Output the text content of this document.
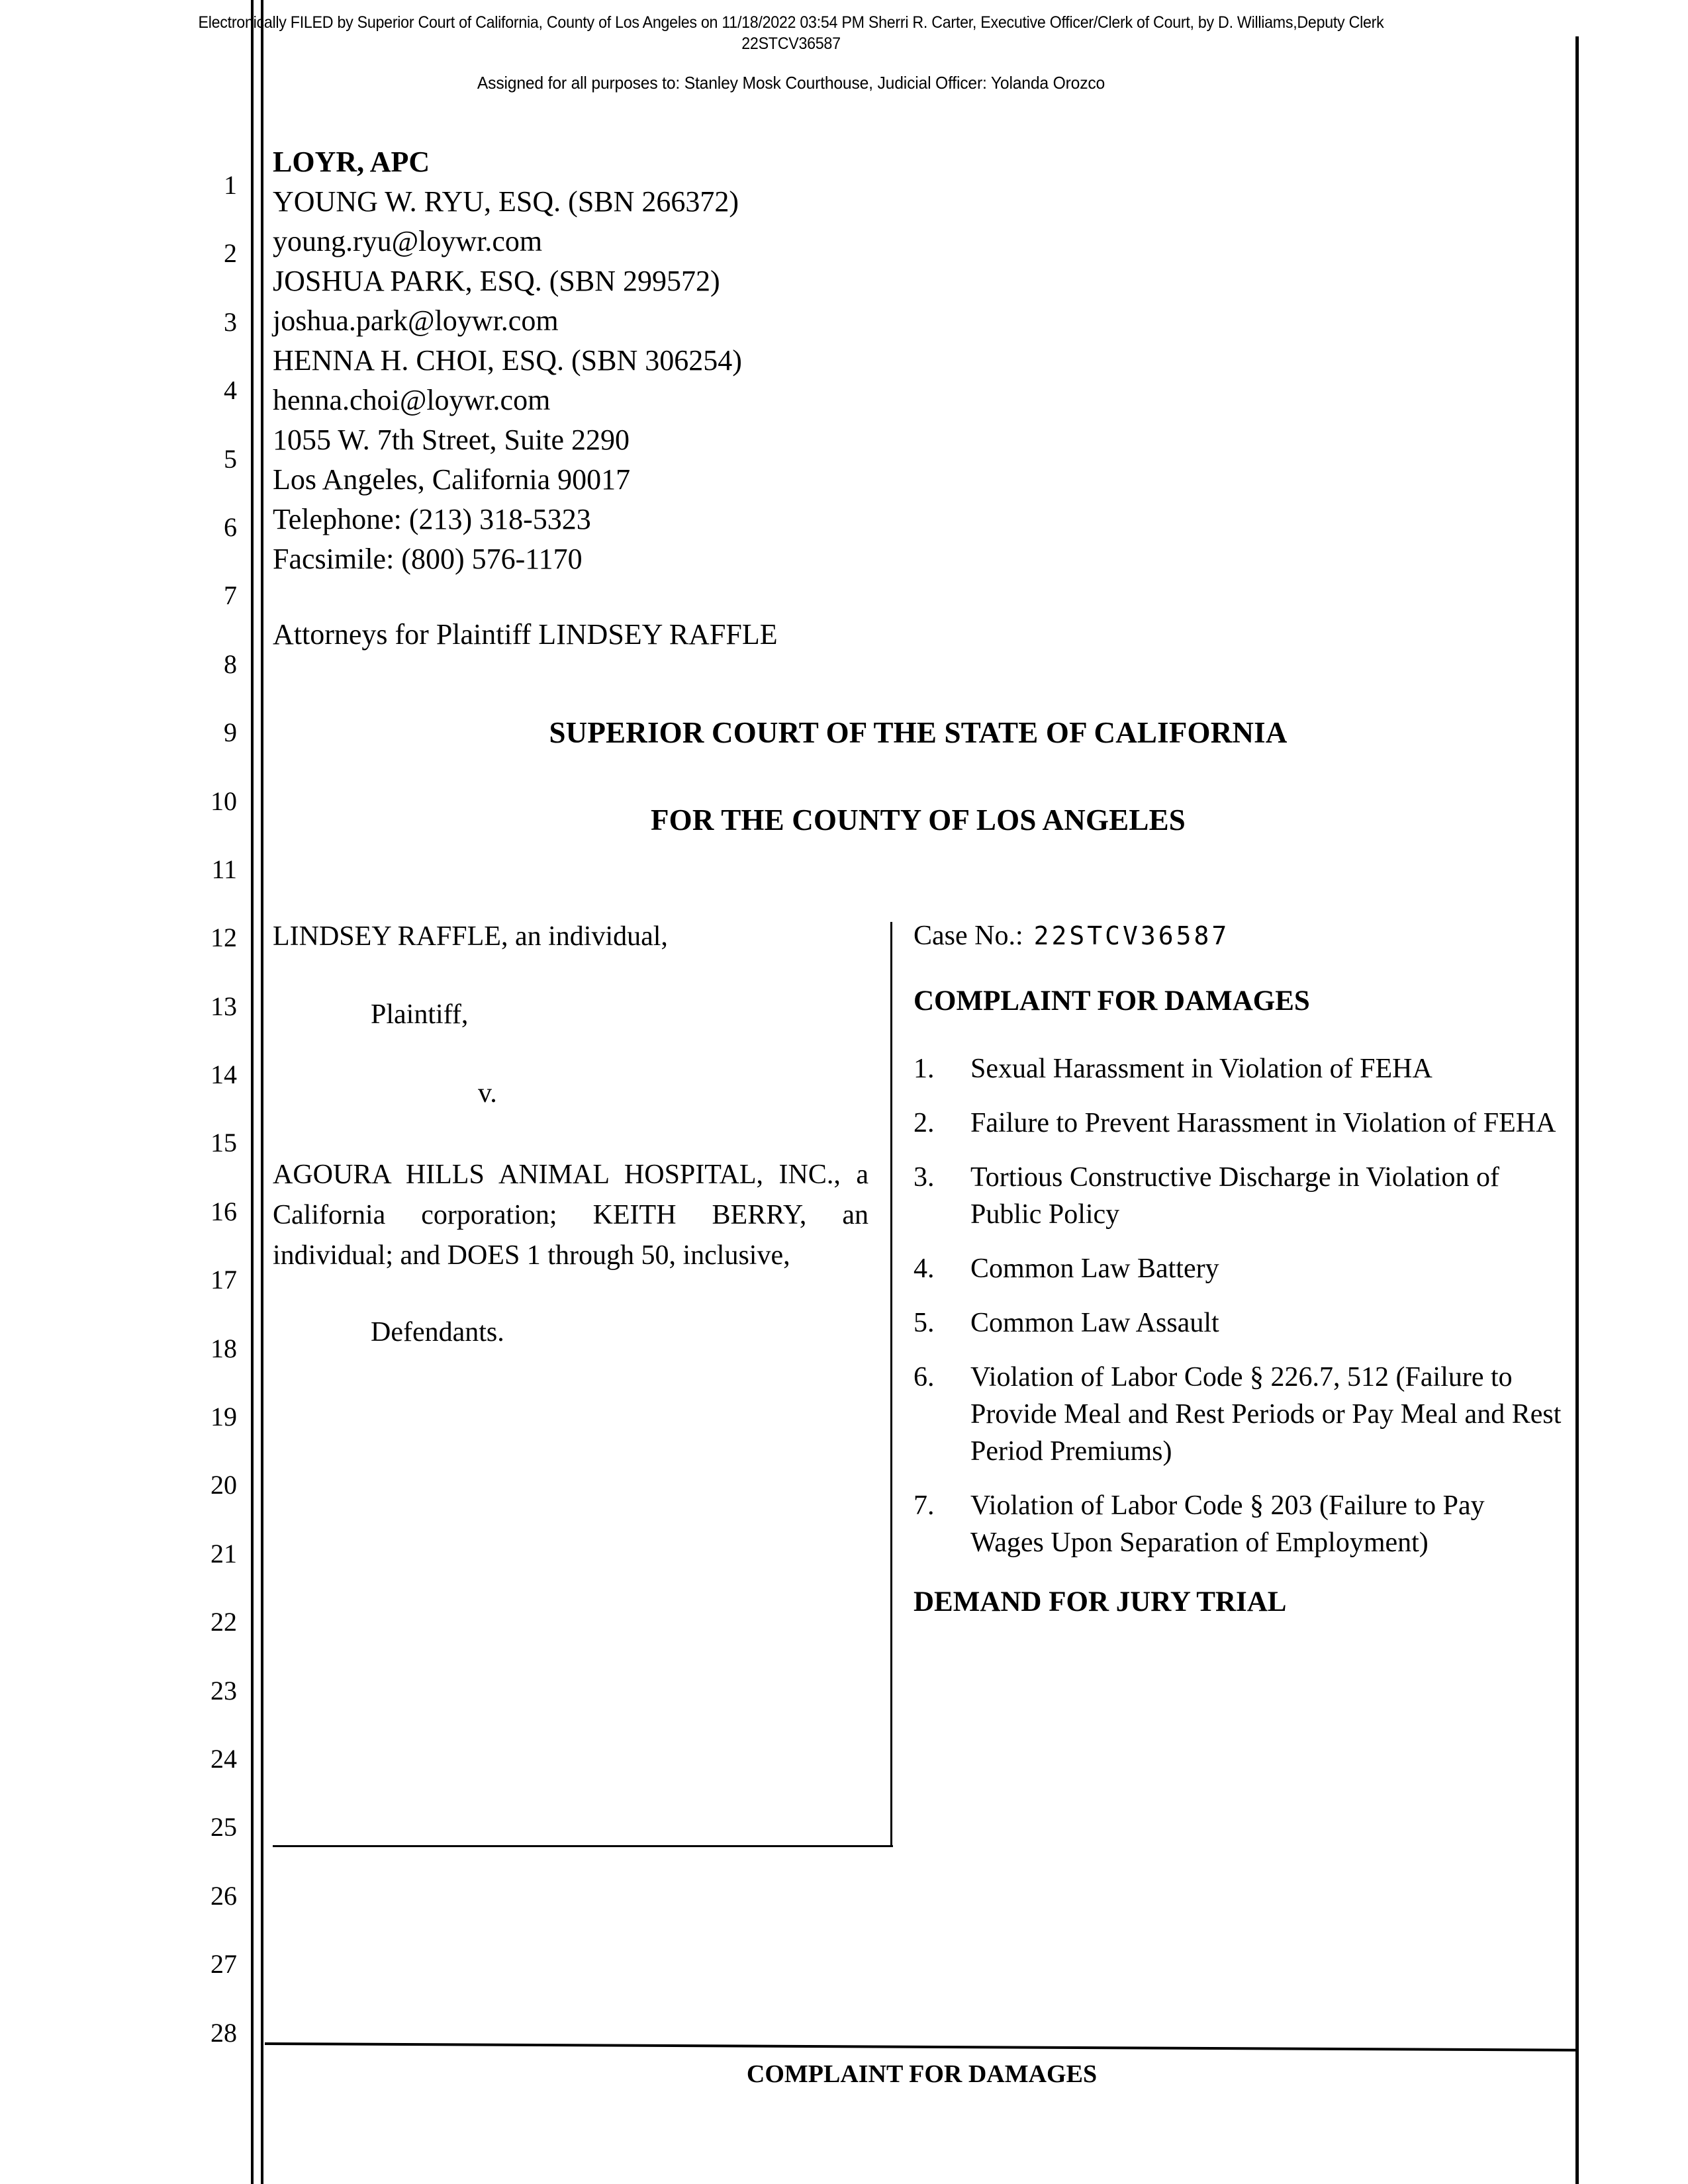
Electronically FILED by Superior Court of California, County of Los Angeles on 11/18/2022 03:54 PM Sherri R. Carter, Executive Officer/Clerk of Court, by D. Williams,Deputy Clerk
22STCV36587
Assigned for all purposes to: Stanley Mosk Courthouse, Judicial Officer: Yolanda Orozco
1
2
3
4
5
6
7
8
9
10
11
12
13
14
15
16
17
18
19
20
21
22
23
24
25
26
27
28
LOYR, APC
YOUNG W. RYU, ESQ. (SBN 266372)
young.ryu@loywr.com
JOSHUA PARK, ESQ. (SBN 299572)
joshua.park@loywr.com
HENNA H. CHOI, ESQ. (SBN 306254)
henna.choi@loywr.com
1055 W. 7th Street, Suite 2290
Los Angeles, California 90017
Telephone: (213) 318-5323
Facsimile: (800) 576-1170
Attorneys for Plaintiff LINDSEY RAFFLE
SUPERIOR COURT OF THE STATE OF CALIFORNIA
FOR THE COUNTY OF LOS ANGELES
LINDSEY RAFFLE, an individual,
Plaintiff,
v.
AGOURA HILLS ANIMAL HOSPITAL, INC., a California corporation; KEITH BERRY, an individual; and DOES 1 through 50, inclusive,
Defendants.
Case No.: 22STCV36587
COMPLAINT FOR DAMAGES
1.	Sexual Harassment in Violation of FEHA
2.	Failure to Prevent Harassment in Violation of FEHA
3.	Tortious Constructive Discharge in Violation of Public Policy
4.	Common Law Battery
5.	Common Law Assault
6.	Violation of Labor Code § 226.7, 512 (Failure to Provide Meal and Rest Periods or Pay Meal and Rest Period Premiums)
7.	Violation of Labor Code § 203 (Failure to Pay Wages Upon Separation of Employment)
DEMAND FOR JURY TRIAL
COMPLAINT FOR DAMAGES
